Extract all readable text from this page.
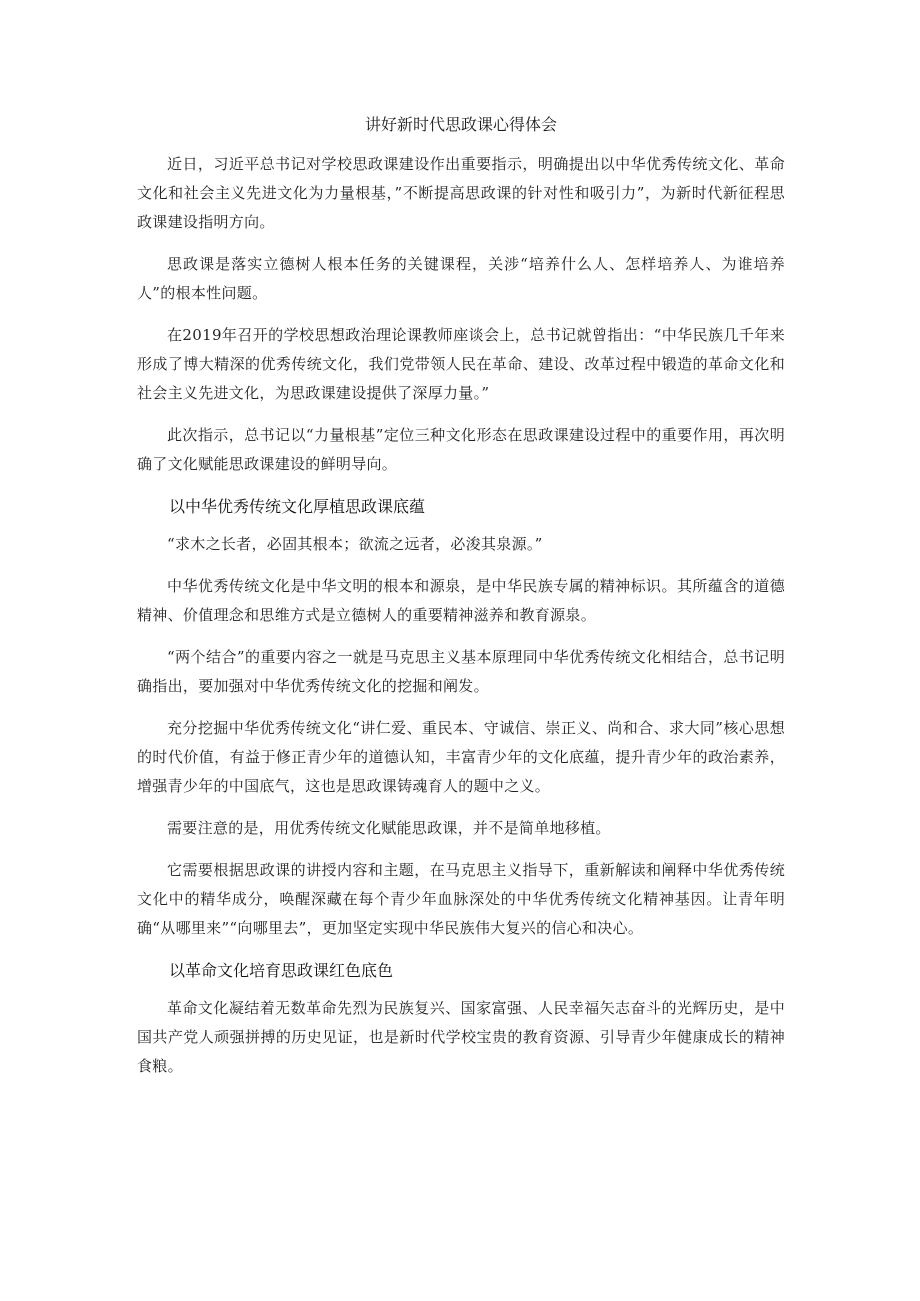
讲好新时代思政课心得体会

近日，习近平总书记对学校思政课建设作出重要指示，明确提出以中华优秀传统文化、革命文化和社会主义先进文化为力量根基，”不断提高思政课的针对性和吸引力”，为新时代新征程思政课建设指明方向。

思政课是落实立德树人根本任务的关键课程，关涉“培养什么人、怎样培养人、为谁培养人”的根本性问题。

在2019年召开的学校思想政治理论课教师座谈会上，总书记就曾指出：“中华民族几千年来形成了博大精深的优秀传统文化，我们党带领人民在革命、建设、改革过程中锻造的革命文化和社会主义先进文化，为思政课建设提供了深厚力量。”

此次指示，总书记以“力量根基”定位三种文化形态在思政课建设过程中的重要作用，再次明确了文化赋能思政课建设的鲜明导向。

以中华优秀传统文化厚植思政课底蕴

“求木之长者，必固其根本；欲流之远者，必浚其泉源。”

中华优秀传统文化是中华文明的根本和源泉，是中华民族专属的精神标识。其所蕴含的道德精神、价值理念和思维方式是立德树人的重要精神滋养和教育源泉。

“两个结合”的重要内容之一就是马克思主义基本原理同中华优秀传统文化相结合，总书记明确指出，要加强对中华优秀传统文化的挖掘和阐发。

充分挖掘中华优秀传统文化“讲仁爱、重民本、守诚信、崇正义、尚和合、求大同”核心思想的时代价值，有益于修正青少年的道德认知，丰富青少年的文化底蕴，提升青少年的政治素养，增强青少年的中国底气，这也是思政课铸魂育人的题中之义。

需要注意的是，用优秀传统文化赋能思政课，并不是简单地移植。

它需要根据思政课的讲授内容和主题，在马克思主义指导下，重新解读和阐释中华优秀传统文化中的精华成分，唤醒深藏在每个青少年血脉深处的中华优秀传统文化精神基因。让青年明确“从哪里来”“向哪里去”，更加坚定实现中华民族伟大复兴的信心和决心。

以革命文化培育思政课红色底色

革命文化凝结着无数革命先烈为民族复兴、国家富强、人民幸福矢志奋斗的光辉历史，是中国共产党人顽强拼搏的历史见证，也是新时代学校宝贵的教育资源、引导青少年健康成长的精神食粮。
